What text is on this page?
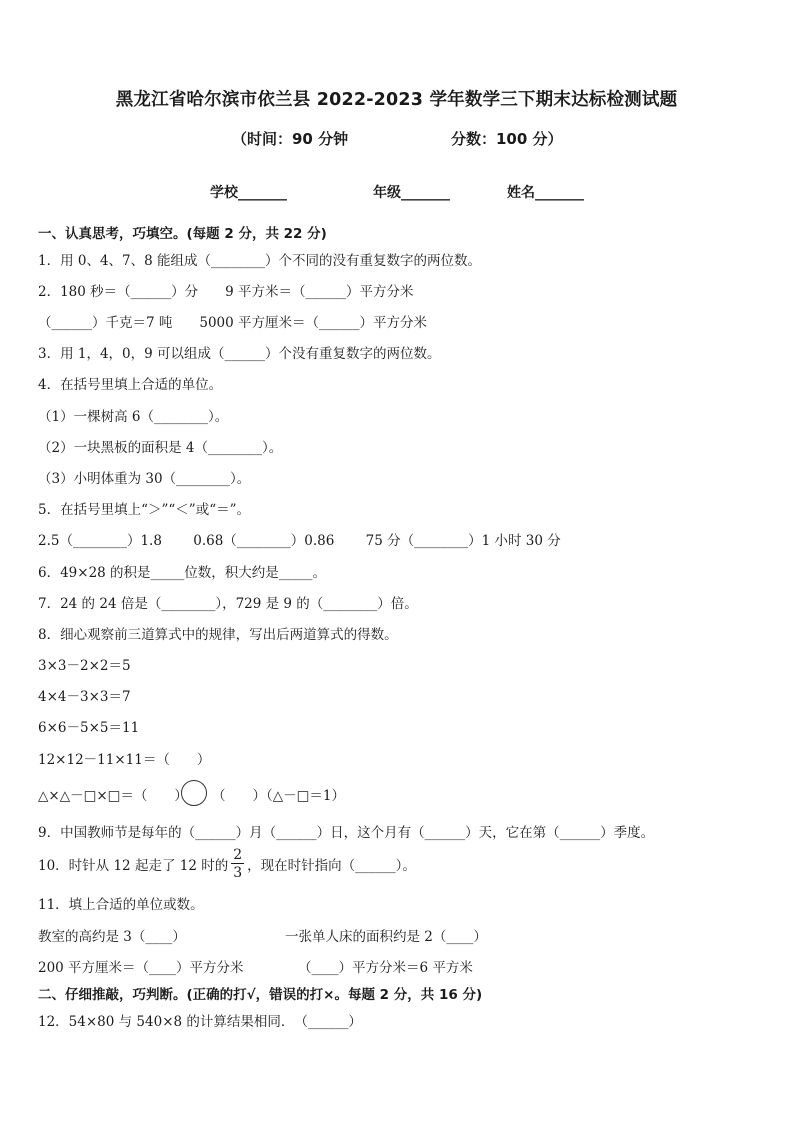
黑龙江省哈尔滨市依兰县 2022-2023 学年数学三下期末达标检测试题
（时间：90 分钟	分数：100 分）
学校_______	年级_______	姓名_______
一、认真思考，巧填空。(每题 2 分，共 22 分)
1．用 0、4、7、8 能组成（________）个不同的没有重复数字的两位数。
2．180 秒＝（______）分　　9 平方米＝（______）平方分米
（______）千克＝7 吨　　5000 平方厘米＝（______）平方分米
3．用 1，4，0，9 可以组成（______）个没有重复数字的两位数。
4．在括号里填上合适的单位。
（1）一棵树高 6（________）。
（2）一块黑板的面积是 4（________）。
（3）小明体重为 30（________）。
5．在括号里填上“＞”“＜”或“＝”。
2.5（________）1.8　　 0.68（________）0.86　　 75 分（________）1 小时 30 分
6．49×28 的积是_____位数，积大约是_____。
7．24 的 24 倍是（________），729 是 9 的（________）倍。
8．细心观察前三道算式中的规律，写出后两道算式的得数。
3×3－2×2＝5
4×4－3×3＝7
6×6－5×5＝11
12×12－11×11＝（　　）
△×△－□×□＝（　　） （　　）（△－□＝1）
9．中国教师节是每年的（______）月（______）日，这个月有（______）天，它在第（______）季度。
10．时针从 12 起走了 12 时的 $\frac{2}{3}$ ，现在时针指向（______）。
11．填上合适的单位或数。
教室的高约是 3（____）	一张单人床的面积约是 2（____）
200 平方厘米＝（____）平方分米	（____）平方分米＝6 平方米
二、仔细推敲，巧判断。(正确的打√，错误的打×。每题 2 分，共 16 分)
12．54×80 与 540×8 的计算结果相同．　（______）
